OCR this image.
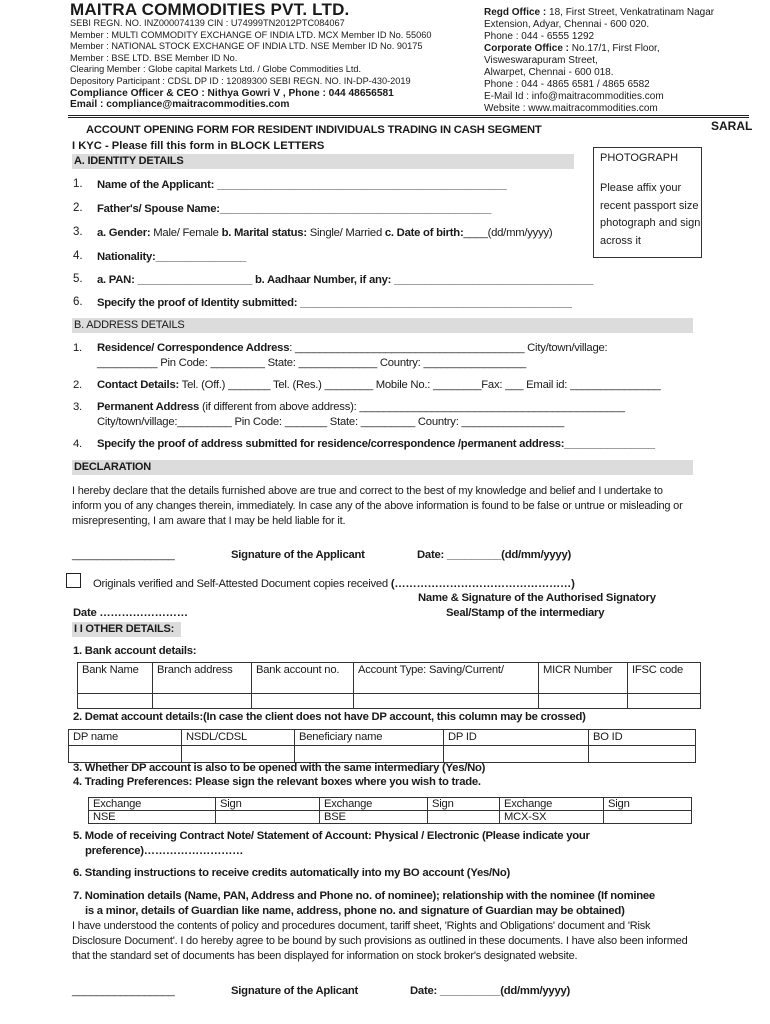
MAITRA COMMODITIES PVT. LTD.
SEBI REGN. NO. INZ000074139 CIN : U74999TN2012PTC084067
Member : MULTI COMMODITY EXCHANGE OF INDIA LTD. MCX Member ID No. 55060
Member : NATIONAL STOCK EXCHANGE OF INDIA LTD. NSE Member ID No. 90175
Member : BSE LTD. BSE Member ID No.
Clearing Member : Globe capital Markets Ltd. / Globe Commodities Ltd.
Depository Participant : CDSL DP ID : 12089300 SEBI REGN. NO. IN-DP-430-2019
Compliance Officer & CEO : Nithya Gowri V , Phone : 044 48656581
Email : compliance@maitracommodities.com
Regd Office : 18, First Street, Venkatratinam Nagar
Extension, Adyar, Chennai - 600 020.
Phone : 044 - 6555 1292
Corporate Office : No.17/1, First Floor,
Visweswarapuram Street,
Alwarpet, Chennai - 600 018.
Phone : 044 - 4865 6581 / 4865 6582
E-Mail Id : info@maitracommodities.com
Website : www.maitracommodities.com
SARAL
ACCOUNT OPENING FORM FOR RESIDENT INDIVIDUALS TRADING IN CASH SEGMENT
I KYC - Please fill this form in BLOCK LETTERS
A. IDENTITY DETAILS	PHOTOGRAPH
Please affix your recent passport size photograph and sign across it
1. Name of the Applicant: ________________________________________________
2. Father's/ Spouse Name:_____________________________________________
3. a. Gender: Male/ Female b. Marital status: Single/ Married c. Date of birth:____(dd/mm/yyyy)
4. Nationality:_______________
5. a. PAN: ___________________ b. Aadhaar Number, if any: _________________________________
6. Specify the proof of Identity submitted: _____________________________________________
B. ADDRESS DETAILS
1. Residence/ Correspondence Address: ______________________________________ City/town/village:
__________ Pin Code: _________ State: _____________ Country: _________________
2. Contact Details: Tel. (Off.) _______ Tel. (Res.) ________ Mobile No.: ________Fax: ___ Email id: _______________
3. Permanent Address (if different from above address): ____________________________________________
City/town/village:_________ Pin Code: _______ State: _________ Country: _________________
4. Specify the proof of address submitted for residence/correspondence /permanent address:_______________
DECLARATION
I hereby declare that the details furnished above are true and correct to the best of my knowledge and belief and I undertake to inform you of any changes therein, immediately. In case any of the above information is found to be false or untrue or misleading or misrepresenting, I am aware that I may be held liable for it.
_________________	Signature of the Applicant	Date: _________(dd/mm/yyyy)
Originals verified and Self-Attested Document copies received (…………………………………………)
Name & Signature of the Authorised Signatory
Seal/Stamp of the intermediary
Date ……………………
I I OTHER DETAILS:
1. Bank account details:
Bank Name	Branch address	Bank account no.	Account Type: Saving/Current/	MICR Number	IFSC code

2. Demat account details:(In case the client does not have DP account, this column may be crossed)
DP name	NSDL/CDSL	Beneficiary name	DP ID	BO ID

3. Whether DP account is also to be opened with the same intermediary (Yes/No)
4. Trading Preferences: Please sign the relevant boxes where you wish to trade.
Exchange	Sign	Exchange	Sign	Exchange	Sign
NSE		BSE		MCX-SX	
5. Mode of receiving Contract Note/ Statement of Account: Physical / Electronic (Please indicate your
preference)………………………
6. Standing instructions to receive credits automatically into my BO account (Yes/No)
7. Nomination details (Name, PAN, Address and Phone no. of nominee); relationship with the nominee (If nominee
is a minor, details of Guardian like name, address, phone no. and signature of Guardian may be obtained)
I have understood the contents of policy and procedures document, tariff sheet, 'Rights and Obligations' document and 'Risk Disclosure Document'. I do hereby agree to be bound by such provisions as outlined in these documents. I have also been informed that the standard set of documents has been displayed for information on stock broker's designated website.
_________________	Signature of the Aplicant	Date: __________(dd/mm/yyyy)
